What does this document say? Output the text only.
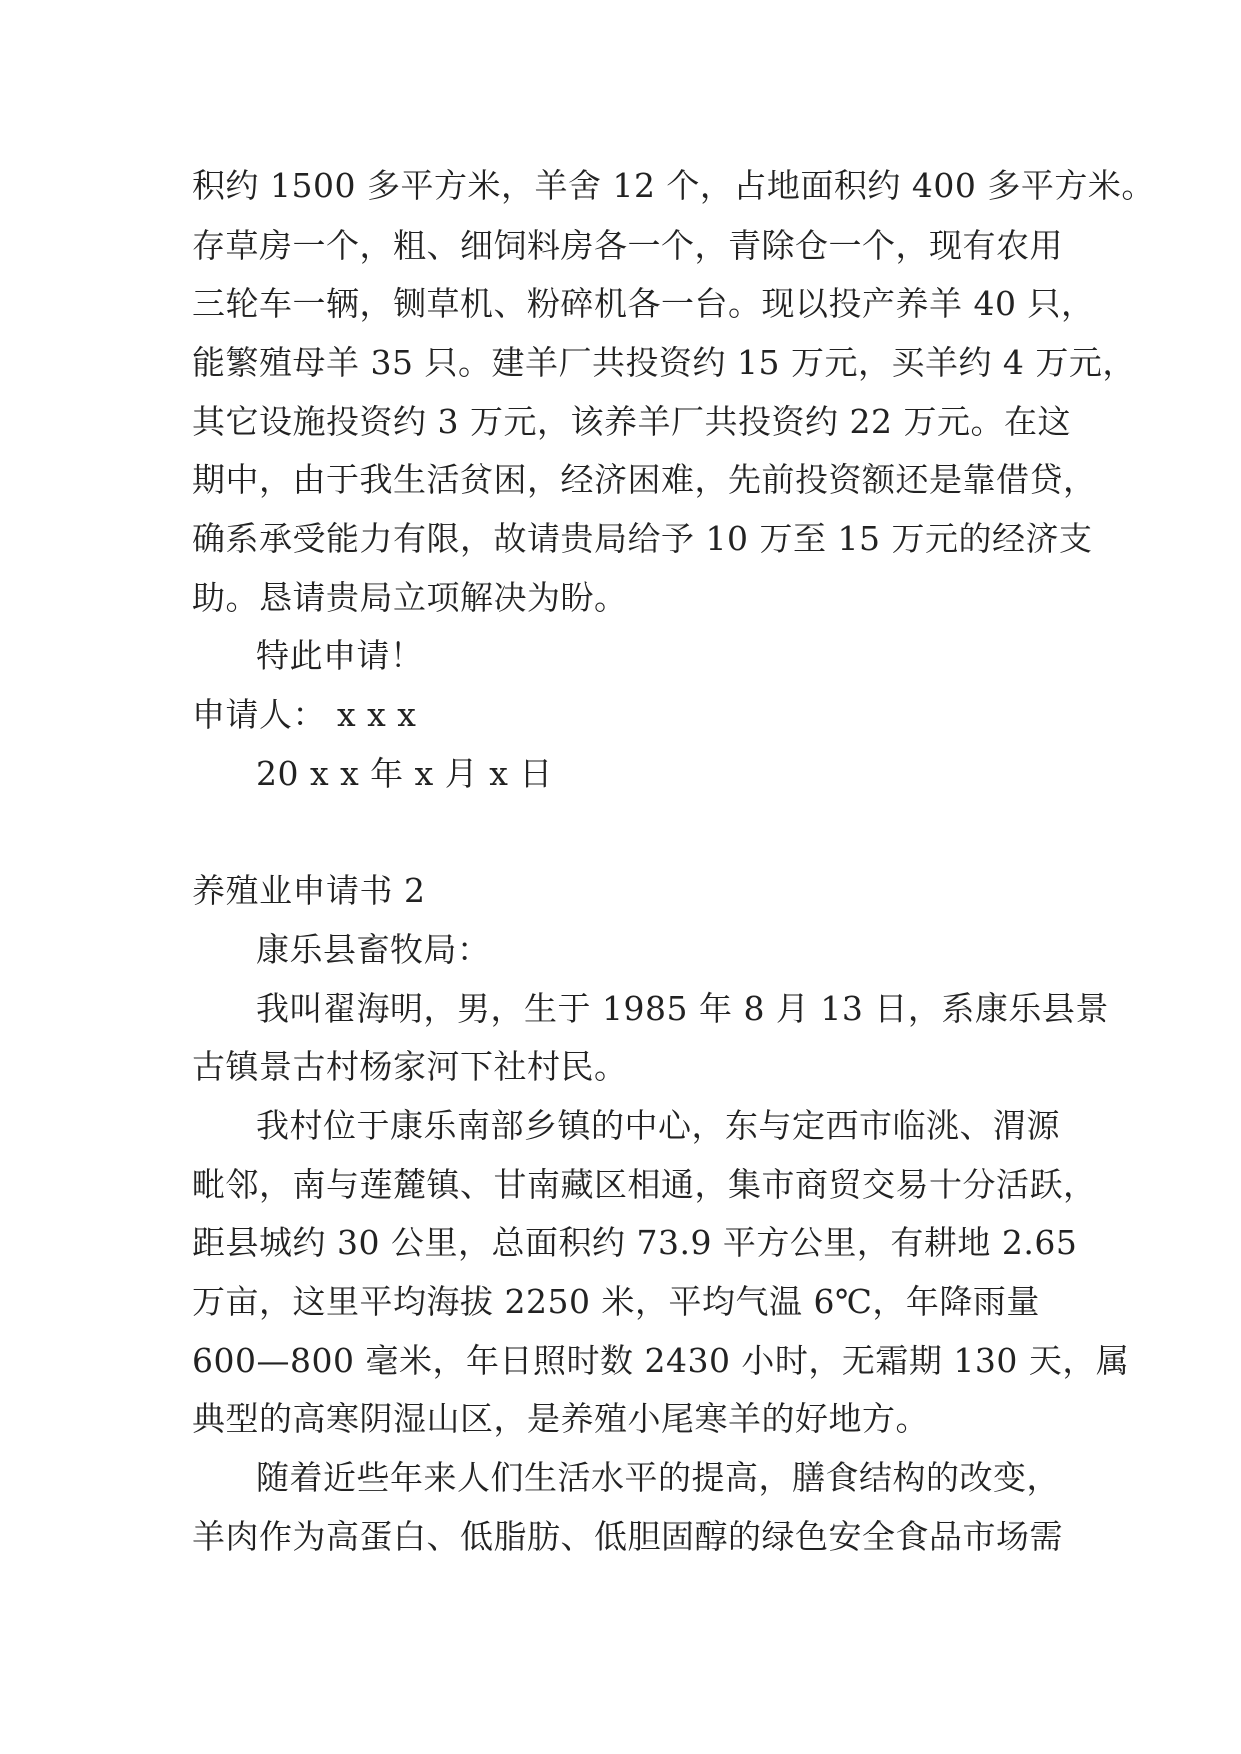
积约 1500 多平方米，羊舍 12 个，占地面积约 400 多平方米。
存草房一个，粗、细饲料房各一个，青除仓一个，现有农用
三轮车一辆，铡草机、粉碎机各一台。现以投产养羊 40 只，
能繁殖母羊 35 只。建羊厂共投资约 15 万元，买羊约 4 万元，
其它设施投资约 3 万元，该养羊厂共投资约 22 万元。在这
期中，由于我生活贫困，经济困难，先前投资额还是靠借贷，
确系承受能力有限，故请贵局给予 10 万至 15 万元的经济支
助。恳请贵局立项解决为盼。
特此申请！
申请人： x x x
20 x x 年 x 月 x 日
养殖业申请书 2
康乐县畜牧局：
我叫翟海明，男，生于 1985 年 8 月 13 日，系康乐县景
古镇景古村杨家河下社村民。
我村位于康乐南部乡镇的中心，东与定西市临洮、渭源
毗邻，南与莲麓镇、甘南藏区相通，集市商贸交易十分活跃，
距县城约 30 公里，总面积约 73.9 平方公里，有耕地 2.65
万亩，这里平均海拔 2250 米，平均气温 6℃，年降雨量
600—800 毫米，年日照时数 2430 小时，无霜期 130 天，属
典型的高寒阴湿山区，是养殖小尾寒羊的好地方。
随着近些年来人们生活水平的提高，膳食结构的改变，
羊肉作为高蛋白、低脂肪、低胆固醇的绿色安全食品市场需
